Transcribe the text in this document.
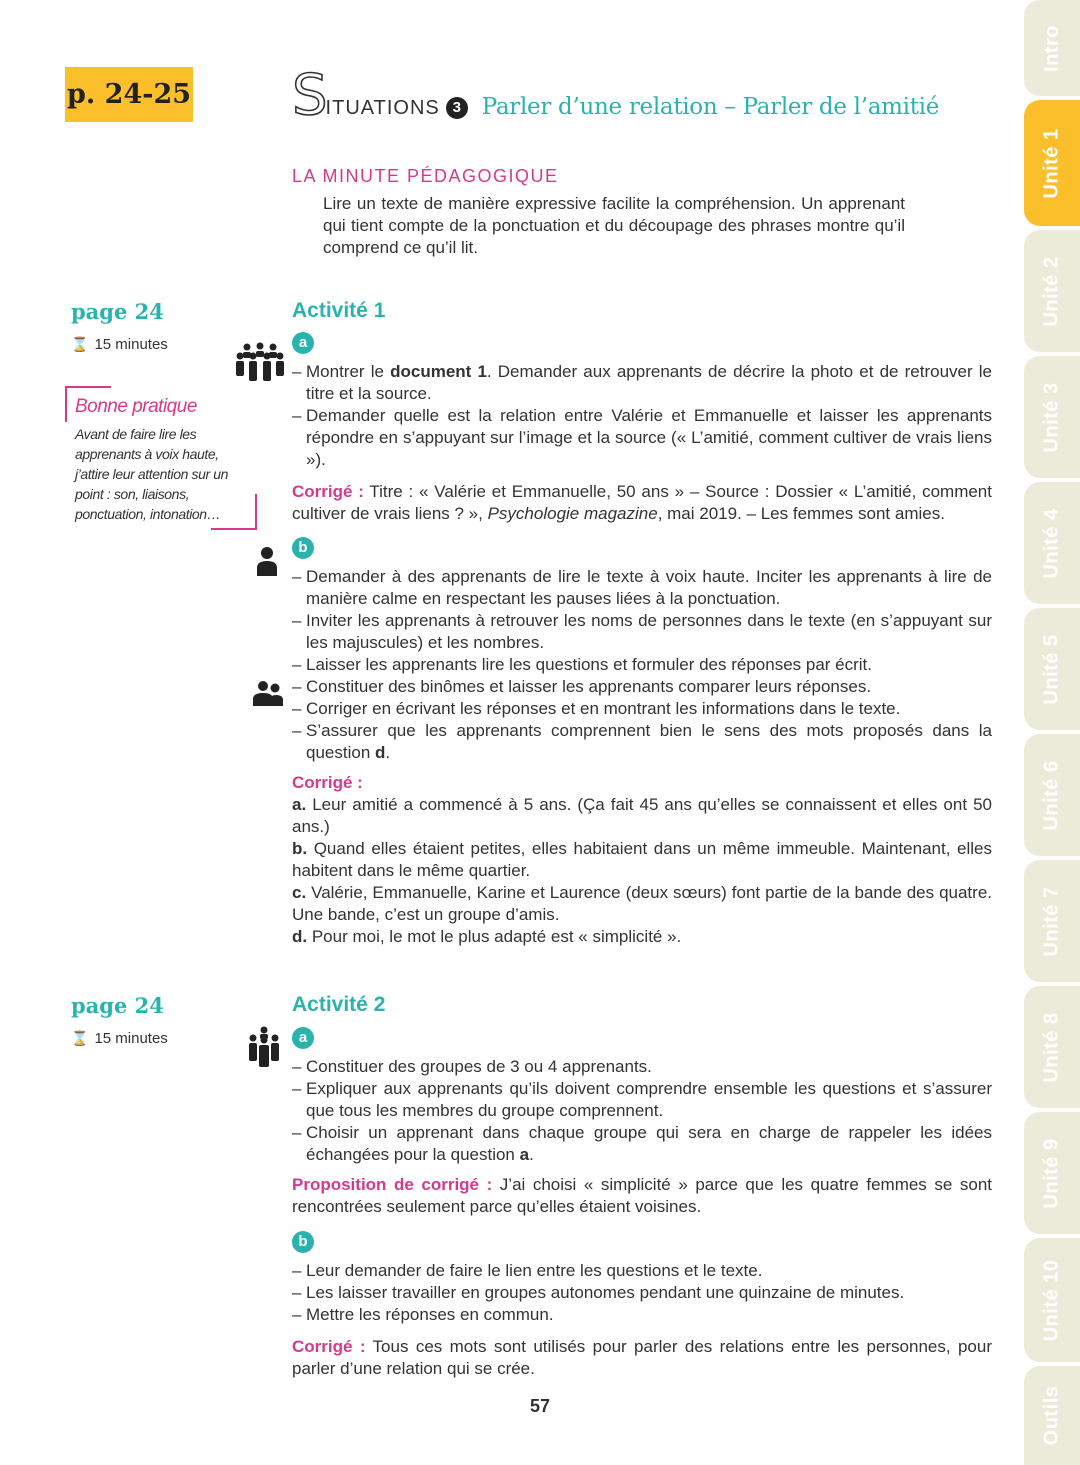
p. 24-25 S
ITUATIONS 3 Parler d’une relation – Parler de l’amitié
LA MINUTE PÉDAGOGIQUE
Lire un texte de manière expressive facilite la compréhension. Un apprenant qui tient compte de la ponctuation et du découpage des phrases montre qu’il comprend ce qu’il lit.
page 24
⌛ 15 minutes
Bonne pratique
Avant de faire lire les apprenants à voix haute, j’attire leur attention sur un point : son, liaisons, ponctuation, intonation…
page 24
⌛ 15 minutes
Activité 1
a
– Montrer le document 1. Demander aux apprenants de décrire la photo et de retrouver le titre et la source.
– Demander quelle est la relation entre Valérie et Emmanuelle et laisser les apprenants répondre en s’appuyant sur l’image et la source (« L’amitié, comment cultiver de vrais liens »).

Corrigé : Titre : « Valérie et Emmanuelle, 50 ans » – Source : Dossier « L’amitié, comment cultiver de vrais liens ? », Psychologie magazine, mai 2019. – Les femmes sont amies.

b
– Demander à des apprenants de lire le texte à voix haute. Inciter les apprenants à lire de manière calme en respectant les pauses liées à la ponctuation.
– Inviter les apprenants à retrouver les noms de personnes dans le texte (en s’appuyant sur les majuscules) et les nombres.
– Laisser les apprenants lire les questions et formuler des réponses par écrit.
– Constituer des binômes et laisser les apprenants comparer leurs réponses.
– Corriger en écrivant les réponses et en montrant les informations dans le texte.
– S’assurer que les apprenants comprennent bien le sens des mots proposés dans la question d.

Corrigé :

a. Leur amitié a commencé à 5 ans. (Ça fait 45 ans qu’elles se connaissent et elles ont 50 ans.)

b. Quand elles étaient petites, elles habitaient dans un même immeuble. Maintenant, elles habitent dans le même quartier.

c. Valérie, Emmanuelle, Karine et Laurence (deux sœurs) font partie de la bande des quatre. Une bande, c’est un groupe d’amis.

d. Pour moi, le mot le plus adapté est « simplicité ».

Activité 2
a
– Constituer des groupes de 3 ou 4 apprenants.
– Expliquer aux apprenants qu’ils doivent comprendre ensemble les questions et s’assurer que tous les membres du groupe comprennent.
– Choisir un apprenant dans chaque groupe qui sera en charge de rappeler les idées échangées pour la question a.

Proposition de corrigé : J’ai choisi « simplicité » parce que les quatre femmes se sont rencontrées seulement parce qu’elles étaient voisines.

b
– Leur demander de faire le lien entre les questions et le texte.
– Les laisser travailler en groupes autonomes pendant une quinzaine de minutes.
– Mettre les réponses en commun.

Corrigé : Tous ces mots sont utilisés pour parler des relations entre les personnes, pour parler d’une relation qui se crée.

Intro
Unité 1
Unité 2
Unité 3
Unité 4
Unité 5
Unité 6
Unité 7
Unité 8
Unité 9
Unité 10
Outils
57
